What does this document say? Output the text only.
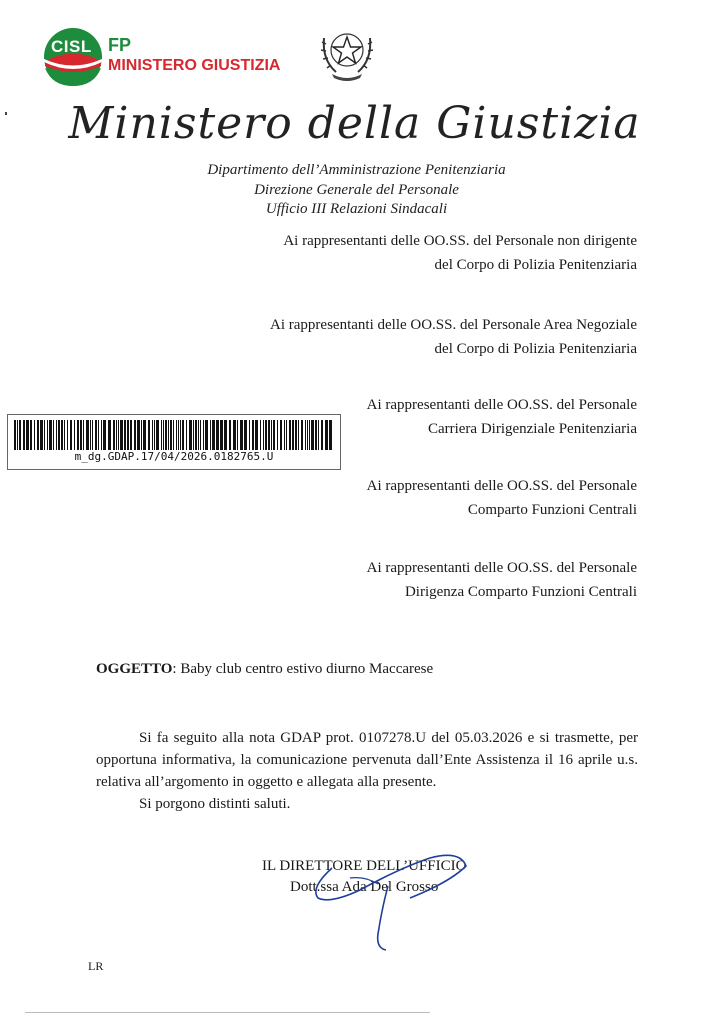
CISL FP
MINISTERO GIUSTIZIA
Ministero della Giustizia
Dipartimento dell’Amministrazione Penitenziaria
Direzione Generale del Personale
Ufficio III Relazioni Sindacali
Ai rappresentanti delle OO.SS. del Personale non dirigente
del Corpo di Polizia Penitenziaria
Ai rappresentanti delle OO.SS. del Personale Area Negoziale
del Corpo di Polizia Penitenziaria
Ai rappresentanti delle OO.SS. del Personale
Carriera Dirigenziale Penitenziaria
Ai rappresentanti delle OO.SS. del Personale
Comparto Funzioni Centrali
Ai rappresentanti delle OO.SS. del Personale
Dirigenza Comparto Funzioni Centrali
m_dg.GDAP.17/04/2026.0182765.U
OGGETTO: Baby club centro estivo diurno Maccarese

Si fa seguito alla nota GDAP prot. 0107278.U del 05.03.2026 e si trasmette, per opportuna informativa, la comunicazione pervenuta dall’Ente Assistenza il 16 aprile u.s. relativa all’argomento in oggetto e allegata alla presente.

Si porgono distinti saluti.

IL DIRETTORE DELL’UFFICIO
Dott.ssa Ada Del Grosso
LR
